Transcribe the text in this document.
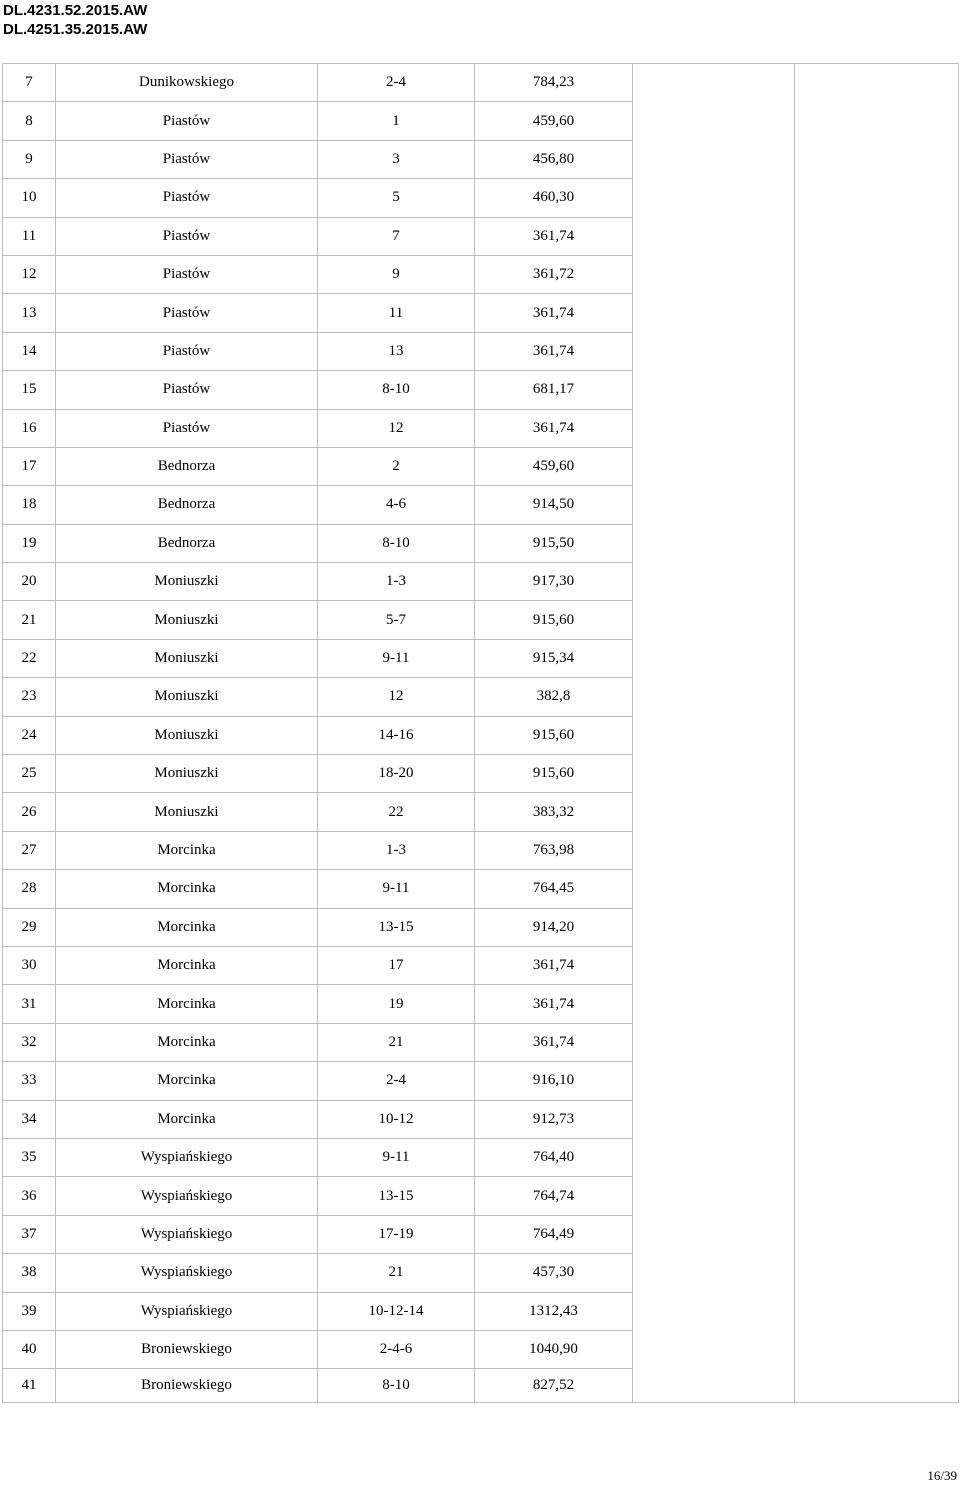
DL.4231.52.2015.AW
DL.4251.35.2015.AW
7	Dunikowskiego	2-4	784,23		
8	Piastów	1	459,60		
9	Piastów	3	456,80		
10	Piastów	5	460,30		
11	Piastów	7	361,74		
12	Piastów	9	361,72		
13	Piastów	11	361,74		
14	Piastów	13	361,74		
15	Piastów	8-10	681,17		
16	Piastów	12	361,74		
17	Bednorza	2	459,60		
18	Bednorza	4-6	914,50		
19	Bednorza	8-10	915,50		
20	Moniuszki	1-3	917,30		
21	Moniuszki	5-7	915,60		
22	Moniuszki	9-11	915,34		
23	Moniuszki	12	382,8		
24	Moniuszki	14-16	915,60		
25	Moniuszki	18-20	915,60		
26	Moniuszki	22	383,32		
27	Morcinka	1-3	763,98		
28	Morcinka	9-11	764,45		
29	Morcinka	13-15	914,20		
30	Morcinka	17	361,74		
31	Morcinka	19	361,74		
32	Morcinka	21	361,74		
33	Morcinka	2-4	916,10		
34	Morcinka	10-12	912,73		
35	Wyspiańskiego	9-11	764,40		
36	Wyspiańskiego	13-15	764,74		
37	Wyspiańskiego	17-19	764,49		
38	Wyspiańskiego	21	457,30		
39	Wyspiańskiego	10-12-14	1312,43		
40	Broniewskiego	2-4-6	1040,90		
41	Broniewskiego	8-10	827,52		
16/39
